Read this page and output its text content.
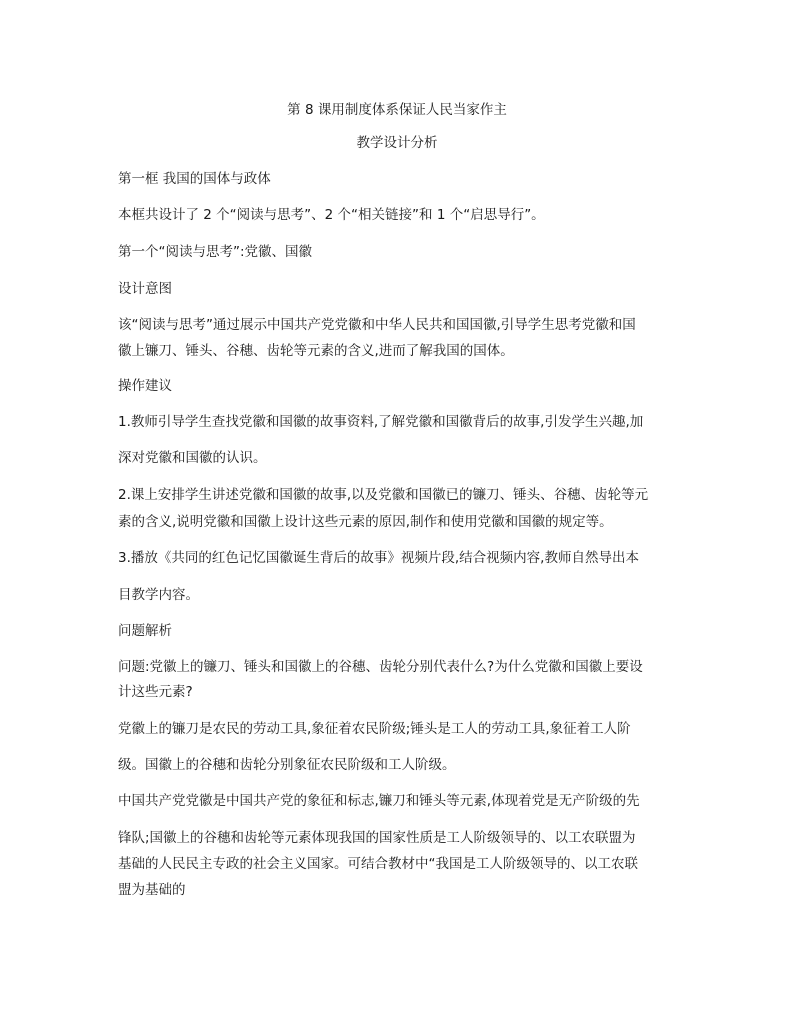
第 8 课用制度体系保证人民当家作主
教学设计分析
第一框 我国的国体与政体
本框共设计了 2 个“阅读与思考”、2 个“相关链接”和 1 个“启思导行”。
第一个“阅读与思考”:党徽、国徽
设计意图
该“阅读与思考”通过展示中国共产党党徽和中华人民共和国国徽,引导学生思考党徽和国
徽上镰刀、锤头、谷穗、齿轮等元素的含义,进而了解我国的国体。
操作建议
1.教师引导学生查找党徽和国徽的故事资料,了解党徽和国徽背后的故事,引发学生兴趣,加
深对党徽和国徽的认识。
2.课上安排学生讲述党徽和国徽的故事,以及党徽和国徽已的镰刀、锤头、谷穗、齿轮等元
素的含义,说明党徽和国徽上设计这些元素的原因,制作和使用党徽和国徽的规定等。
3.播放《共同的红色记忆国徽诞生背后的故事》视频片段,结合视频内容,教师自然导出本
目教学内容。
问题解析
问题:党徽上的镰刀、锤头和国徽上的谷穗、齿轮分别代表什么?为什么党徽和国徽上要设
计这些元素?
党徽上的镰刀是农民的劳动工具,象征着农民阶级;锤头是工人的劳动工具,象征着工人阶
级。国徽上的谷穗和齿轮分别象征农民阶级和工人阶级。
中国共产党党徽是中国共产党的象征和标志,镰刀和锤头等元素,体现着党是无产阶级的先
锋队;国徽上的谷穗和齿轮等元素体现我国的国家性质是工人阶级领导的、以工农联盟为
基础的人民民主专政的社会主义国家。可结合教材中“我国是工人阶级领导的、以工农联
盟为基础的
